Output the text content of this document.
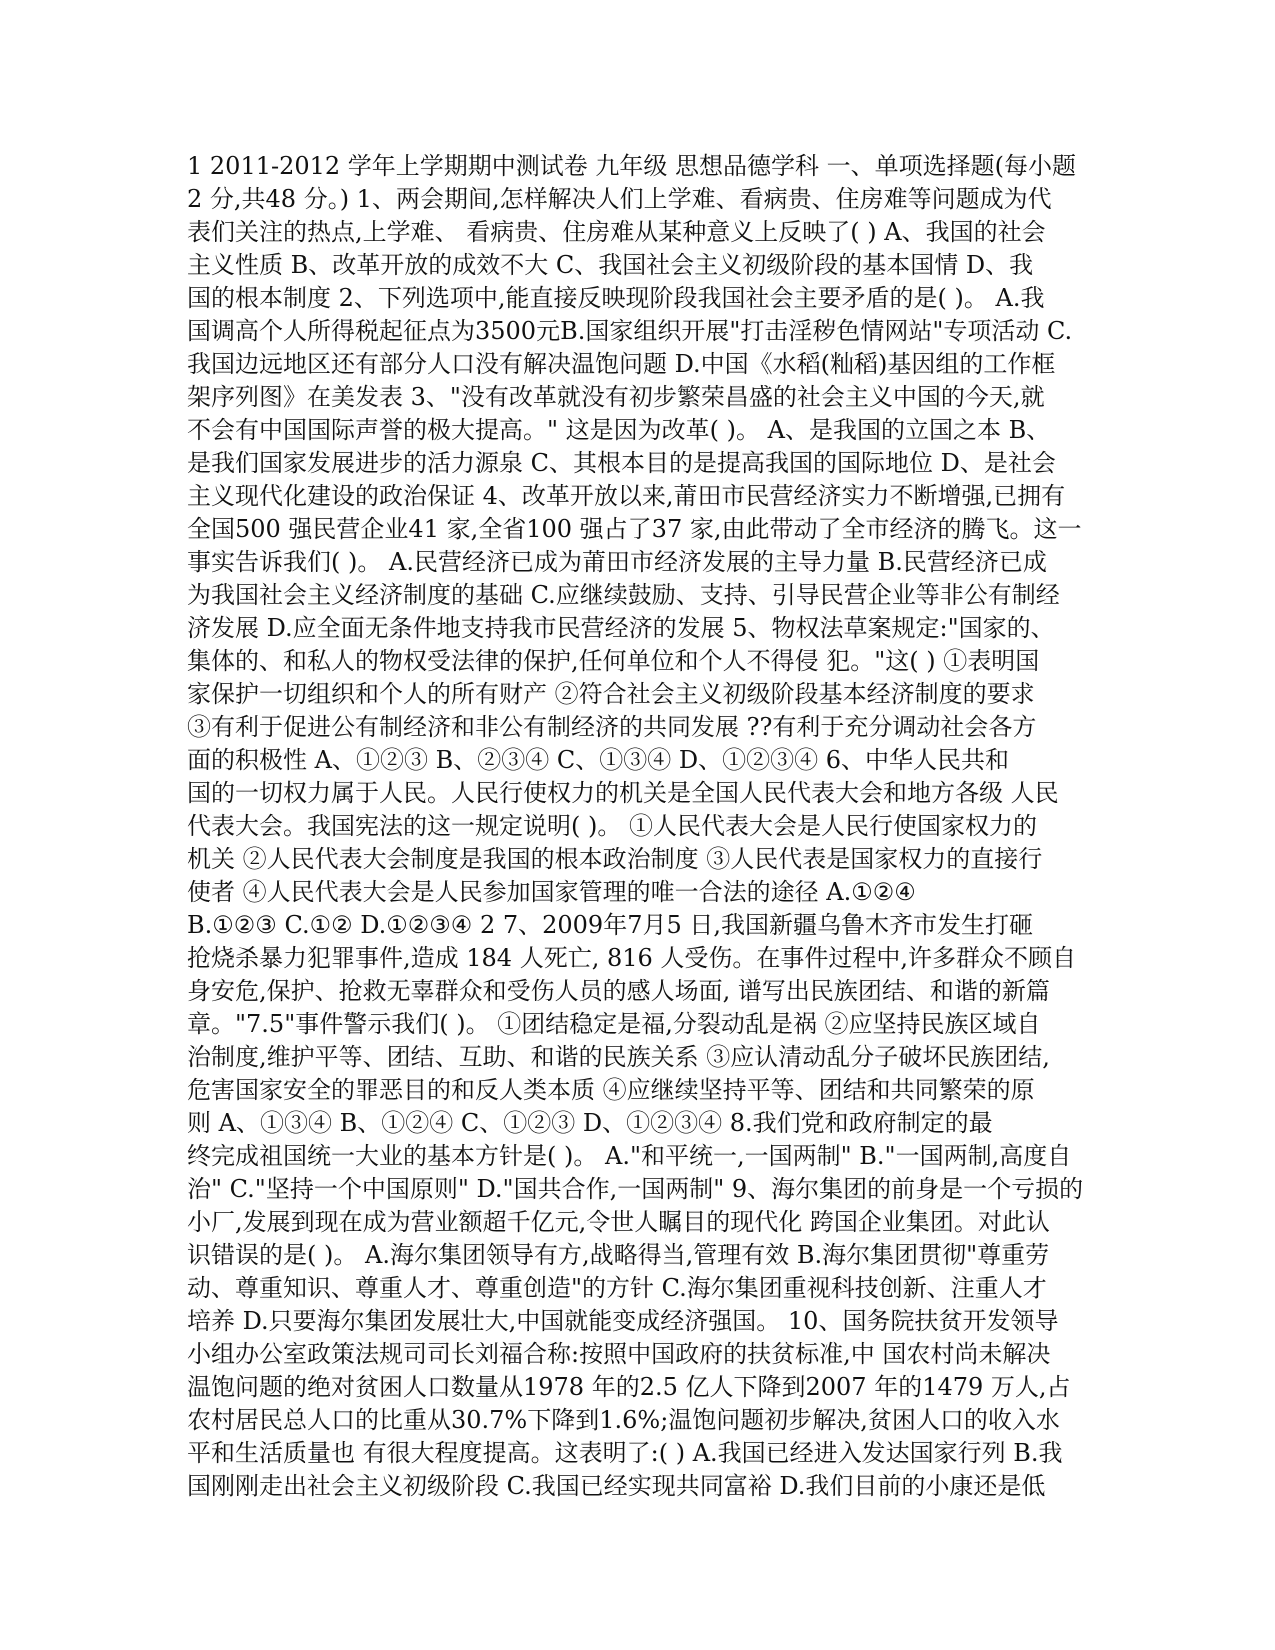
1 2011-2012 学年上学期期中测试卷 九年级 思想品德学科 一、单项选择题(每小题
2 分,共48 分。) 1、两会期间,怎样解决人们上学难、看病贵、住房难等问题成为代
表们关注的热点,上学难、 看病贵、住房难从某种意义上反映了( ) A、我国的社会
主义性质 B、改革开放的成效不大 C、我国社会主义初级阶段的基本国情 D、我
国的根本制度 2、下列选项中,能直接反映现阶段我国社会主要矛盾的是( )。 A.我
国调高个人所得税起征点为3500元B.国家组织开展"打击淫秽色情网站"专项活动 C.
我国边远地区还有部分人口没有解决温饱问题 D.中国《水稻(籼稻)基因组的工作框
架序列图》在美发表 3、"没有改革就没有初步繁荣昌盛的社会主义中国的今天,就
不会有中国国际声誉的极大提高。" 这是因为改革( )。 A、是我国的立国之本 B、
是我们国家发展进步的活力源泉 C、其根本目的是提高我国的国际地位 D、是社会
主义现代化建设的政治保证 4、改革开放以来,莆田市民营经济实力不断增强,已拥有
全国500 强民营企业41 家,全省100 强占了37 家,由此带动了全市经济的腾飞。这一
事实告诉我们( )。 A.民营经济已成为莆田市经济发展的主导力量 B.民营经济已成
为我国社会主义经济制度的基础 C.应继续鼓励、支持、引导民营企业等非公有制经
济发展 D.应全面无条件地支持我市民营经济的发展 5、物权法草案规定:"国家的、
集体的、和私人的物权受法律的保护,任何单位和个人不得侵 犯。"这( ) ①表明国
家保护一切组织和个人的所有财产 ②符合社会主义初级阶段基本经济制度的要求
③有利于促进公有制经济和非公有制经济的共同发展 ??有利于充分调动社会各方
面的积极性 A、①②③ B、②③④ C、①③④ D、①②③④ 6、中华人民共和
国的一切权力属于人民。人民行使权力的机关是全国人民代表大会和地方各级 人民
代表大会。我国宪法的这一规定说明( )。 ①人民代表大会是人民行使国家权力的
机关 ②人民代表大会制度是我国的根本政治制度 ③人民代表是国家权力的直接行
使者 ④人民代表大会是人民参加国家管理的唯一合法的途径 A.①②④
B.①②③ C.①② D.①②③④ 2 7、2009年7月5 日,我国新疆乌鲁木齐市发生打砸
抢烧杀暴力犯罪事件,造成 184 人死亡, 816 人受伤。在事件过程中,许多群众不顾自
身安危,保护、抢救无辜群众和受伤人员的感人场面, 谱写出民族团结、和谐的新篇
章。"7.5"事件警示我们( )。 ①团结稳定是福,分裂动乱是祸 ②应坚持民族区域自
治制度,维护平等、团结、互助、和谐的民族关系 ③应认清动乱分子破坏民族团结,
危害国家安全的罪恶目的和反人类本质 ④应继续坚持平等、团结和共同繁荣的原
则 A、①③④ B、①②④ C、①②③ D、①②③④ 8.我们党和政府制定的最
终完成祖国统一大业的基本方针是( )。 A."和平统一,一国两制" B."一国两制,高度自
治" C."坚持一个中国原则" D."国共合作,一国两制" 9、海尔集团的前身是一个亏损的
小厂,发展到现在成为营业额超千亿元,令世人瞩目的现代化 跨国企业集团。对此认
识错误的是( )。 A.海尔集团领导有方,战略得当,管理有效 B.海尔集团贯彻"尊重劳
动、尊重知识、尊重人才、尊重创造"的方针 C.海尔集团重视科技创新、注重人才
培养 D.只要海尔集团发展壮大,中国就能变成经济强国。 10、国务院扶贫开发领导
小组办公室政策法规司司长刘福合称:按照中国政府的扶贫标准,中 国农村尚未解决
温饱问题的绝对贫困人口数量从1978 年的2.5 亿人下降到2007 年的1479 万人,占
农村居民总人口的比重从30.7%下降到1.6%;温饱问题初步解决,贫困人口的收入水
平和生活质量也 有很大程度提高。这表明了:( ) A.我国已经进入发达国家行列 B.我
国刚刚走出社会主义初级阶段 C.我国已经实现共同富裕 D.我们目前的小康还是低
